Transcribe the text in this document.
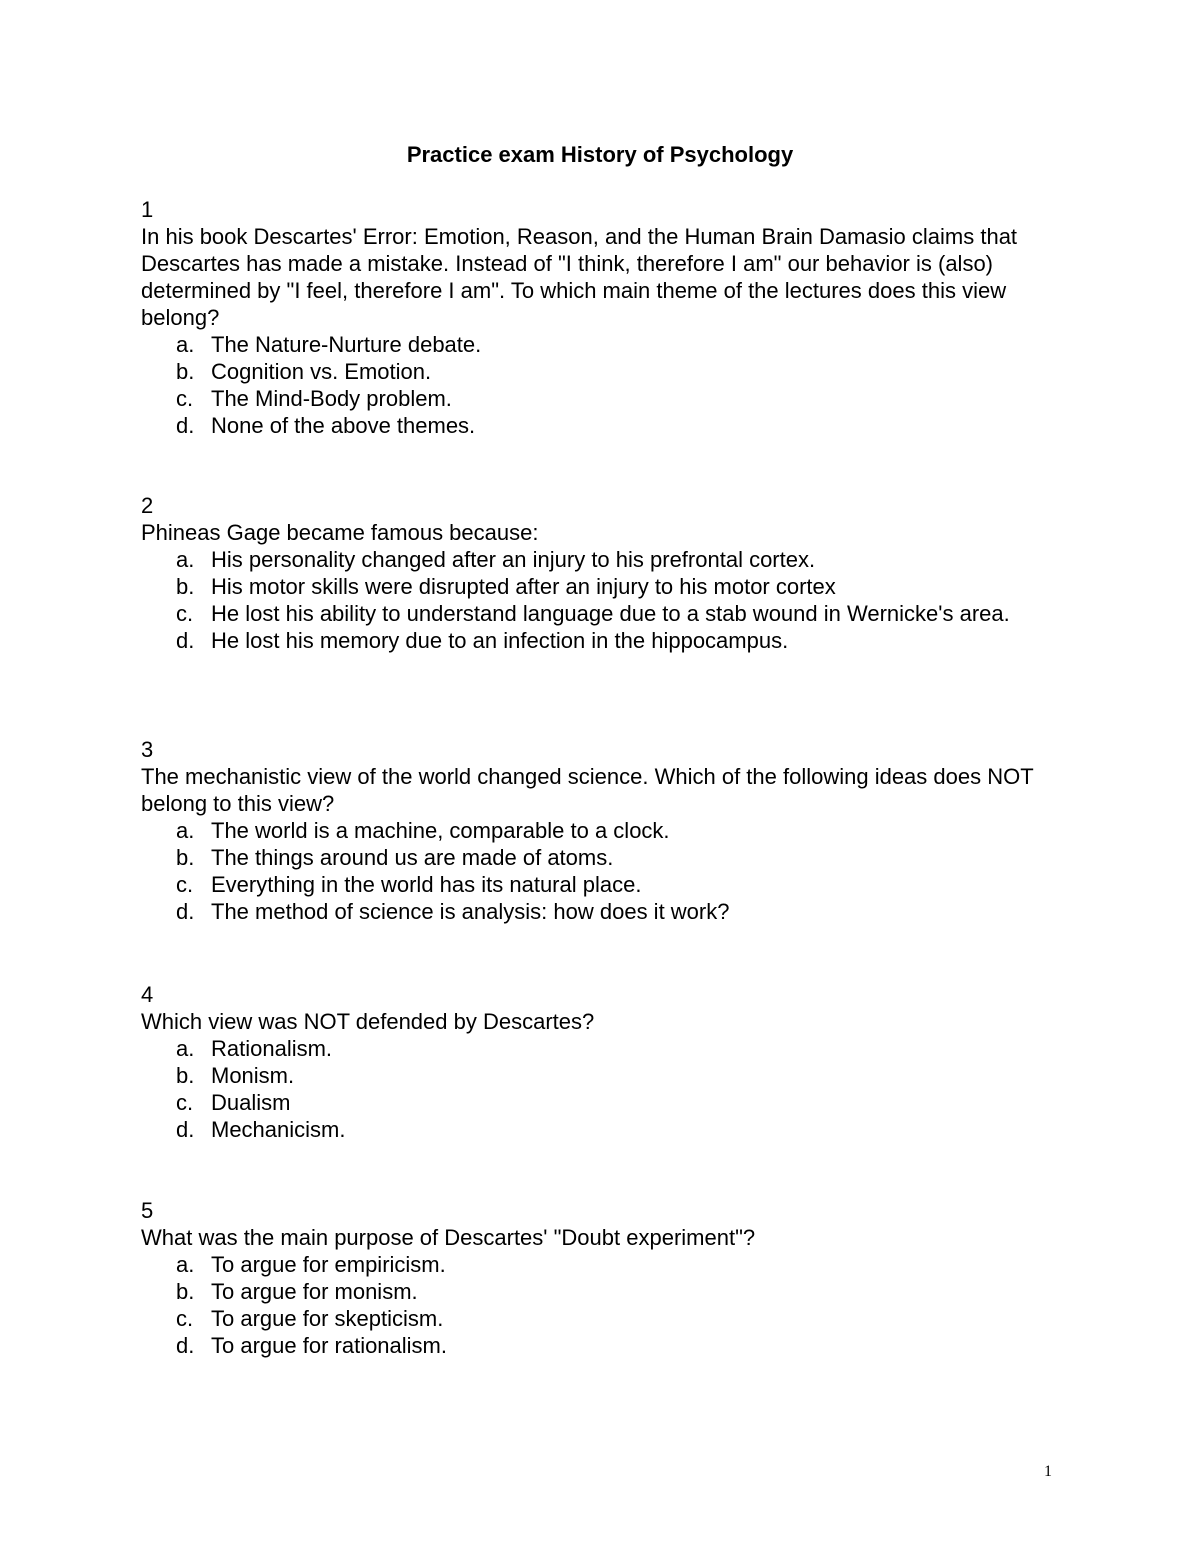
Practice exam History of Psychology
1
In his book Descartes' Error: Emotion, Reason, and the Human Brain Damasio claims that Descartes has made a mistake. Instead of "I think, therefore I am" our behavior is (also) determined by "I feel, therefore I am". To which main theme of the lectures does this view belong?
a. The Nature-Nurture debate.
b. Cognition vs. Emotion.
c. The Mind-Body problem.
d. None of the above themes.
2
Phineas Gage became famous because:
a. His personality changed after an injury to his prefrontal cortex.
b. His motor skills were disrupted after an injury to his motor cortex
c. He lost his ability to understand language due to a stab wound in Wernicke's area.
d. He lost his memory due to an infection in the hippocampus.
3
The mechanistic view of the world changed science. Which of the following ideas does NOT belong to this view?
a. The world is a machine, comparable to a clock.
b. The things around us are made of atoms.
c. Everything in the world has its natural place.
d. The method of science is analysis: how does it work?
4
Which view was NOT defended by Descartes?
a. Rationalism.
b. Monism.
c. Dualism
d. Mechanicism.
5
What was the main purpose of Descartes' "Doubt experiment"?
a. To argue for empiricism.
b. To argue for monism.
c. To argue for skepticism.
d. To argue for rationalism.
1
